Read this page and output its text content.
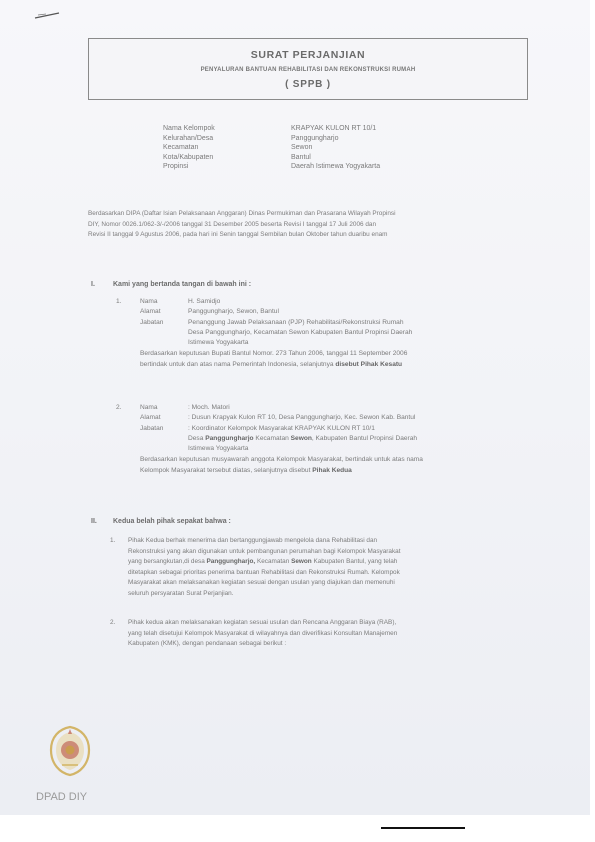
SURAT PERJANJIAN
PENYALURAN BANTUAN REHABILITASI DAN REKONSTRUKSI RUMAH
( SPPB )
Nama Kelompok	KRAPYAK KULON RT 10/1
Kelurahan/Desa	Panggungharjo
Kecamatan	Sewon
Kota/Kabupaten	Bantul
Propinsi	Daerah Istimewa Yogyakarta

Berdasarkan DIPA (Daftar Isian Pelaksanaan Anggaran) Dinas Permukiman dan Prasarana Wilayah Propinsi

DIY, Nomor 0026.1/062-3/-/2006 tanggal 31 Desember 2005 beserta Revisi I tanggal 17 Juli 2006 dan

Revisi II tanggal 9 Agustus 2006, pada hari ini Senin tanggal Sembilan bulan Oktober tahun duaribu enam

I.	Kami yang bertanda tangan di bawah ini :
1.	Nama	H. Samidjo
Alamat	Panggungharjo, Sewon, Bantul
Jabatan	Penanggung Jawab Pelaksanaan (PJP) Rehabilitasi/Rekonstruksi Rumah
Desa Panggungharjo, Kecamatan Sewon Kabupaten Bantul Propinsi Daerah
Istimewa Yogyakarta
Berdasarkan keputusan Bupati Bantul Nomor. 273 Tahun 2006, tanggal 11 September 2006
bertindak untuk dan atas nama Pemerintah Indonesia, selanjutnya disebut Pihak Kesatu
2.	Nama	: Moch. Matori
Alamat	: Dusun Krapyak Kulon RT 10, Desa Panggungharjo, Kec. Sewon Kab. Bantul
Jabatan	: Koordinator Kelompok Masyarakat KRAPYAK KULON RT 10/1
Desa Panggungharjo Kecamatan Sewon, Kabupaten Bantul Propinsi Daerah
Istimewa Yogyakarta
Berdasarkan keputusan musyawarah anggota Kelompok Masyarakat, bertindak untuk atas nama
Kelompok Masyarakat tersebut diatas, selanjutnya disebut Pihak Kedua
II. Kedua belah pihak sepakat bahwa :
1. Pihak Kedua berhak menerima dan bertanggungjawab mengelola dana Rehabilitasi dan
Rekonstruksi yang akan digunakan untuk pembangunan perumahan bagi Kelompok Masyarakat
yang bersangkutan,di desa Panggungharjo, Kecamatan Sewon Kabupaten Bantul, yang telah
ditetapkan sebagai prioritas penerima bantuan Rehabilitasi dan Rekonstruksi Rumah. Kelompok
Masyarakat akan melaksanakan kegiatan sesuai dengan usulan yang diajukan dan memenuhi
seluruh persyaratan Surat Perjanjian.
2. Pihak kedua akan melaksanakan kegiatan sesuai usulan dan Rencana Anggaran Biaya (RAB),
yang telah disetujui Kelompok Masyarakat di wilayahnya dan diverifikasi Konsultan Manajemen
Kabupaten (KMK), dengan pendanaan sebagai berikut :
DPAD DIY
